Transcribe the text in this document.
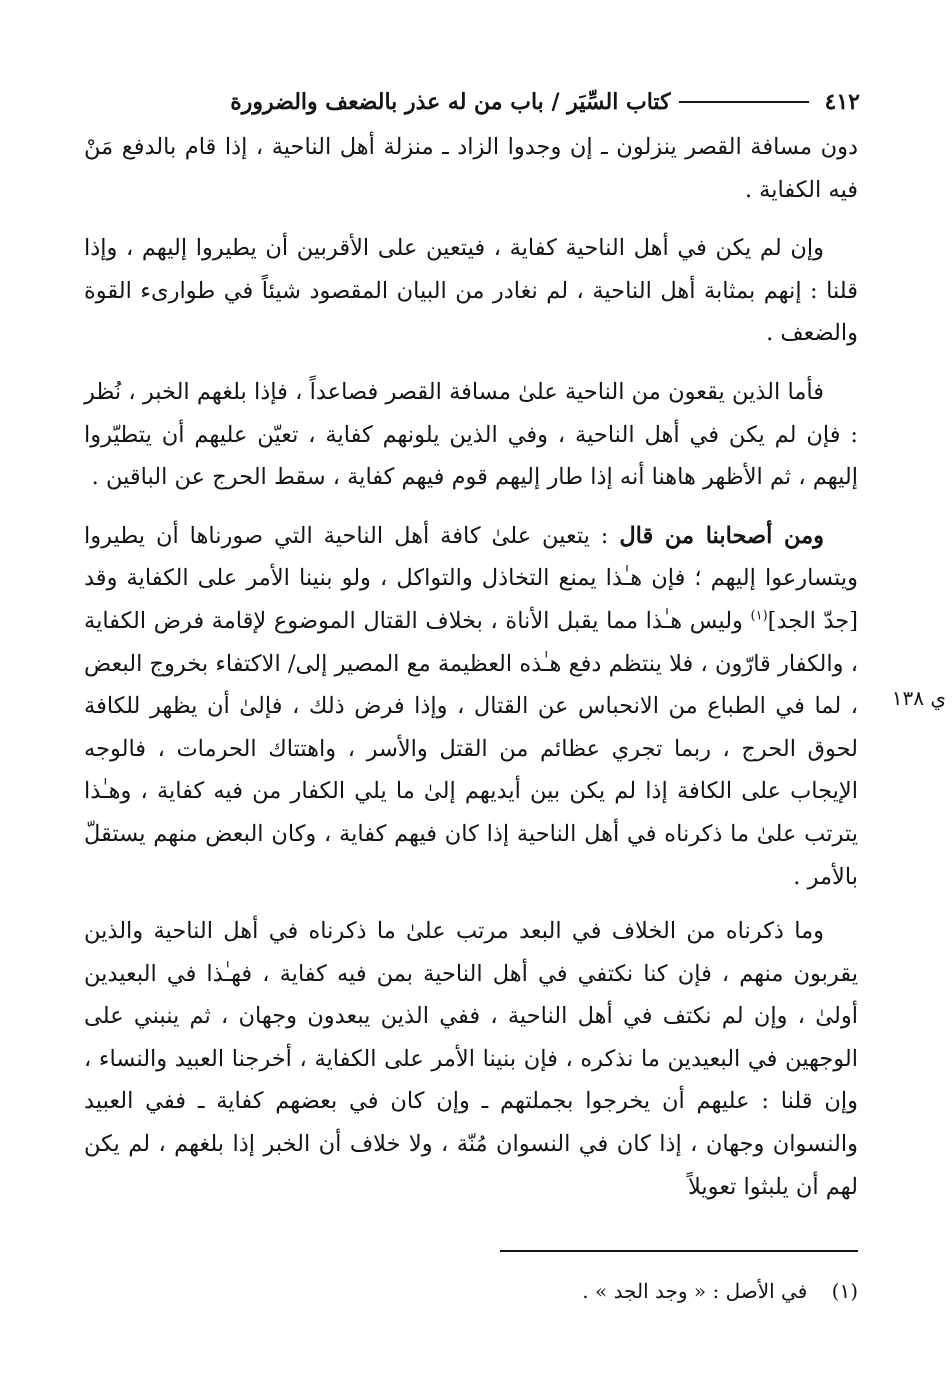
٤١٢
كتاب السِّيَر / باب من له عذر بالضعف والضرورة

دون مسافة القصر ينزلون ـ إن وجدوا الزاد ـ منزلة أهل الناحية ، إذا قام بالدفع مَنْ فيه الكفاية .

وإن لم يكن في أهل الناحية كفاية ، فيتعين على الأقربين أن يطيروا إليهم ، وإذا قلنا : إنهم بمثابة أهل الناحية ، لم نغادر من البيان المقصود شيئاً في طوارىء القوة والضعف .

فأما الذين يقعون من الناحية علىٰ مسافة القصر فصاعداً ، فإذا بلغهم الخبر ، نُظر : فإن لم يكن في أهل الناحية ، وفي الذين يلونهم كفاية ، تعيّن عليهم أن يتطيّروا إليهم ، ثم الأظهر هاهنا أنه إذا طار إليهم قوم فيهم كفاية ، سقط الحرج عن الباقين .

ومن أصحابنا من قال : يتعين علىٰ كافة أهل الناحية التي صورناها أن يطيروا ويتسارعوا إليهم ؛ فإن هـٰذا يمنع التخاذل والتواكل ، ولو بنينا الأمر على الكفاية وقد [جدّ الجد]$^{(١)}$ وليس هـٰذا مما يقبل الأناة ، بخلاف القتال الموضوع لإقامة فرض الكفاية ، والكفار قارّون ، فلا ينتظم دفع هـٰذه العظيمة مع المصير إلى/ الاكتفاء بخروج البعض ، لما في الطباع من الانحباس عن القتال ، وإذا فرض ذلك ، فإلىٰ أن يظهر للكافة لحوق الحرج ، ربما تجري عظائم من القتل والأسر ، واهتتاك الحرمات ، فالوجه الإيجاب على الكافة إذا لم يكن بين أيديهم إلىٰ ما يلي الكفار من فيه كفاية ، وهـٰذا يترتب علىٰ ما ذكرناه في أهل الناحية إذا كان فيهم كفاية ، وكان البعض منهم يستقلّ بالأمر .

وما ذكرناه من الخلاف في البعد مرتب علىٰ ما ذكرناه في أهل الناحية والذين يقربون منهم ، فإن كنا نكتفي في أهل الناحية بمن فيه كفاية ، فهـٰذا في البعيدين أولىٰ ، وإن لم نكتف في أهل الناحية ، ففي الذين يبعدون وجهان ، ثم ينبني على الوجهين في البعيدين ما نذكره ، فإن بنينا الأمر على الكفاية ، أخرجنا العبيد والنساء ، وإن قلنا : عليهم أن يخرجوا بجملتهم ـ وإن كان في بعضهم كفاية ـ ففي العبيد والنسوان وجهان ، إذا كان في النسوان مُنّة ، ولا خلاف أن الخبر إذا بلغهم ، لم يكن لهم أن يلبثوا تعويلاً

ي ١٣٨
(١) في الأصل : « وجد الجد » .
